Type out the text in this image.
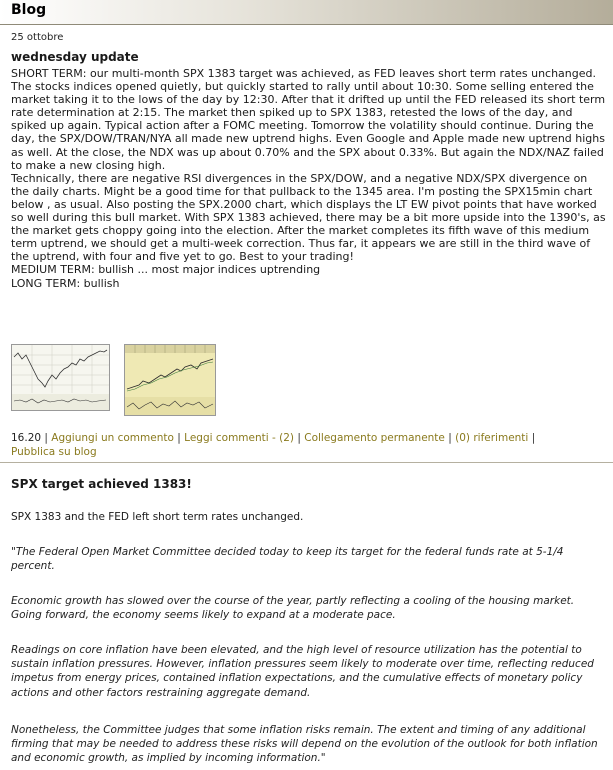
Blog
25 ottobre
wednesday update

SHORT TERM: our multi-month SPX 1383 target was achieved, as FED leaves short term rates unchanged.

The stocks indices opened quietly, but quickly started to rally until about 10:30. Some selling entered the market taking it to the lows of the day by 12:30. After that it drifted up until the FED released its short term rate determination at 2:15. The market then spiked up to SPX 1383, retested the lows of the day, and spiked up again. Typical action after a FOMC meeting. Tomorrow the volatility should continue. During the day, the SPX/DOW/TRAN/NYA all made new uptrend highs. Even Google and Apple made new uptrend highs as well. At the close, the NDX was up about 0.70% and the SPX about 0.33%. But again the NDX/NAZ failed to make a new closing high.

Technically, there are negative RSI divergences in the SPX/DOW, and a negative NDX/SPX divergence on the daily charts. Might be a good time for that pullback to the 1345 area. I'm posting the SPX15min chart below , as usual. Also posting the SPX.2000 chart, which displays the LT EW pivot points that have worked so well during this bull market. With SPX 1383 achieved, there may be a bit more upside into the 1390's, as the market gets choppy going into the election. After the market completes its fifth wave of this medium term uptrend, we should get a multi-week correction. Thus far, it appears we are still in the third wave of the uptrend, with four and five yet to go. Best to your trading!

MEDIUM TERM: bullish ... most major indices uptrending

LONG TERM: bullish

16.20 | Aggiungi un commento | Leggi commenti - (2) | Collegamento permanente | (0) riferimenti |
Pubblica su blog
SPX target achieved 1383!
SPX 1383 and the FED left short term rates unchanged.
"The Federal Open Market Committee decided today to keep its target for the federal funds rate at 5-1/4 percent.
Economic growth has slowed over the course of the year, partly reflecting a cooling of the housing market. Going forward, the economy seems likely to expand at a moderate pace.
Readings on core inflation have been elevated, and the high level of resource utilization has the potential to sustain inflation pressures. However, inflation pressures seem likely to moderate over time, reflecting reduced impetus from energy prices, contained inflation expectations, and the cumulative effects of monetary policy actions and other factors restraining aggregate demand.
Nonetheless, the Committee judges that some inflation risks remain. The extent and timing of any additional firming that may be needed to address these risks will depend on the evolution of the outlook for both inflation and economic growth, as implied by incoming information."
